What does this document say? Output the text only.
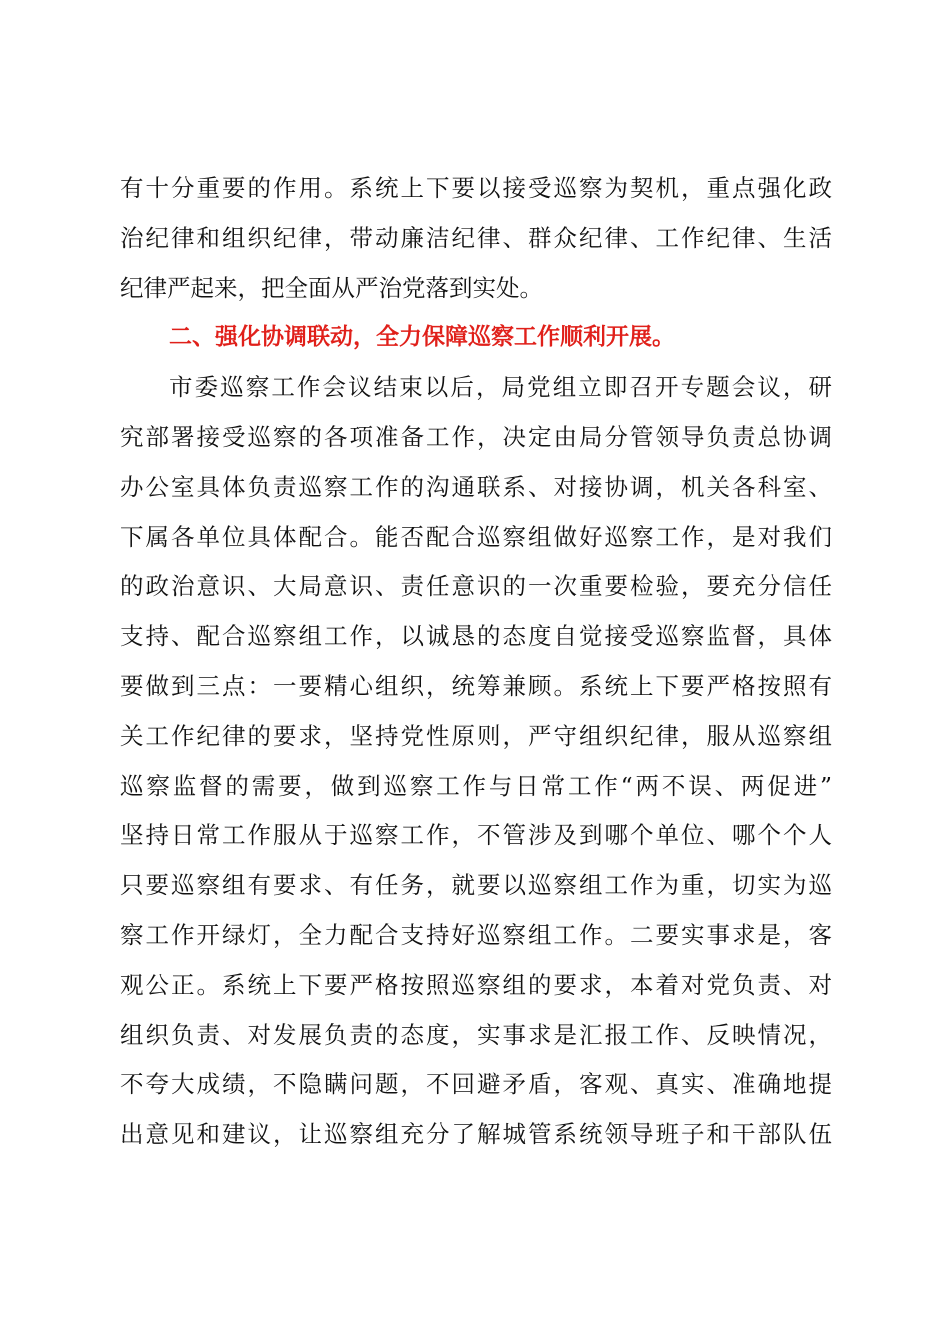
有十分重要的作用。系统上下要以接受巡察为契机，重点强化政
治纪律和组织纪律，带动廉洁纪律、群众纪律、工作纪律、生活
纪律严起来，把全面从严治党落到实处。
二、强化协调联动，全力保障巡察工作顺利开展。
市委巡察工作会议结束以后，局党组立即召开专题会议，研
究部署接受巡察的各项准备工作，决定由局分管领导负责总协调
办公室具体负责巡察工作的沟通联系、对接协调，机关各科室、
下属各单位具体配合。能否配合巡察组做好巡察工作，是对我们
的政治意识、大局意识、责任意识的一次重要检验，要充分信任
支持、配合巡察组工作，以诚恳的态度自觉接受巡察监督，具体
要做到三点：一要精心组织，统筹兼顾。系统上下要严格按照有
关工作纪律的要求，坚持党性原则，严守组织纪律，服从巡察组
巡察监督的需要，做到巡察工作与日常工作“两不误、两促进”
坚持日常工作服从于巡察工作，不管涉及到哪个单位、哪个个人
只要巡察组有要求、有任务，就要以巡察组工作为重，切实为巡
察工作开绿灯，全力配合支持好巡察组工作。二要实事求是，客
观公正。系统上下要严格按照巡察组的要求，本着对党负责、对
组织负责、对发展负责的态度，实事求是汇报工作、反映情况，
不夸大成绩，不隐瞒问题，不回避矛盾，客观、真实、准确地提
出意见和建议，让巡察组充分了解城管系统领导班子和干部队伍
